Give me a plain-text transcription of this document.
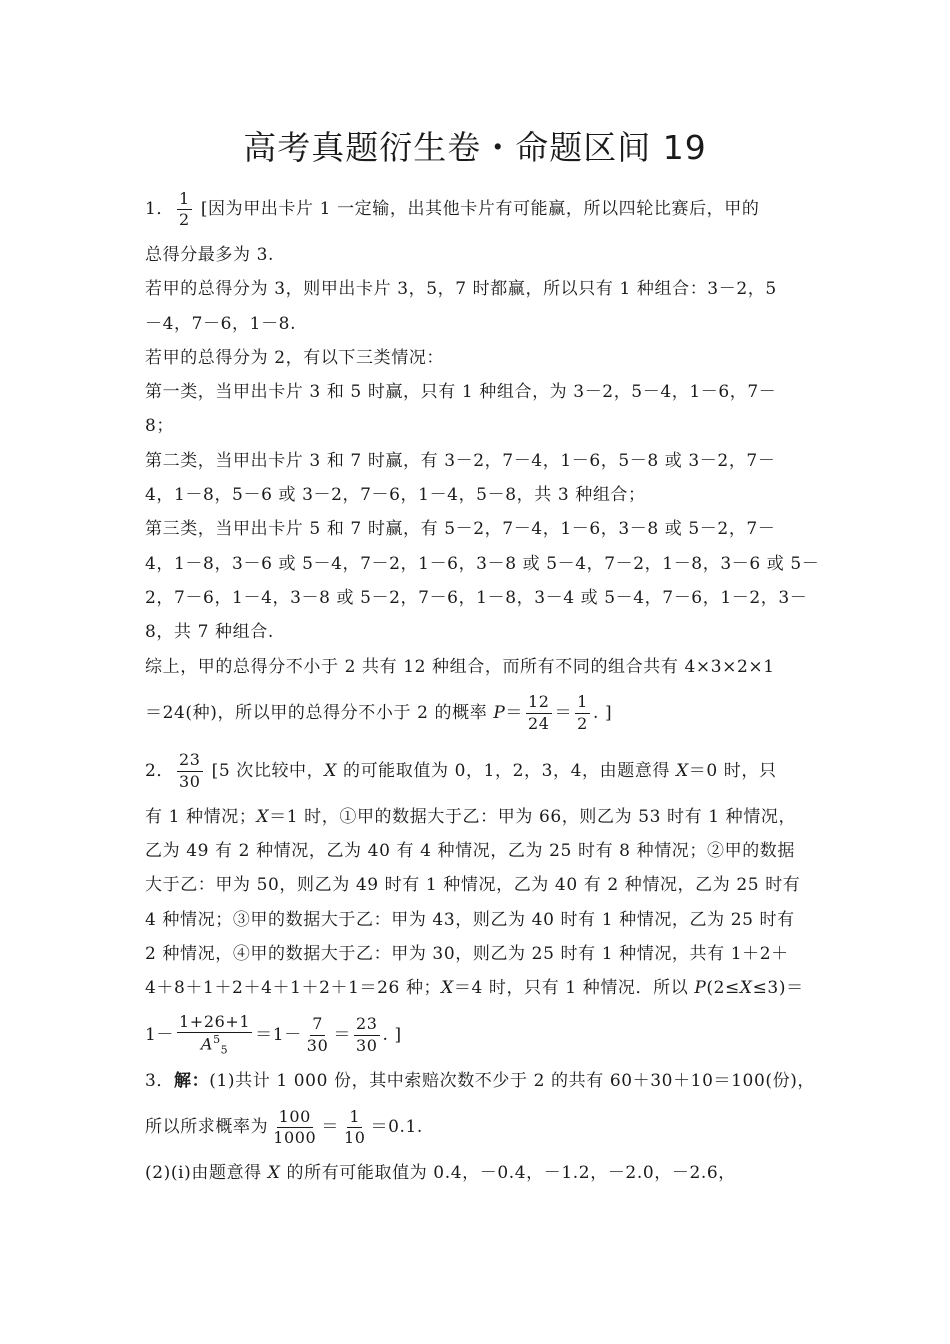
高考真题衍生卷・命题区间 19
1． $\frac{1}{2}$ [因为甲出卡片 1 一定输，出其他卡片有可能赢，所以四轮比赛后，甲的
总得分最多为 3.
若甲的总得分为 3，则甲出卡片 3，5，7 时都赢，所以只有 1 种组合：3－2，5
－4，7－6，1－8.
若甲的总得分为 2，有以下三类情况：
第一类，当甲出卡片 3 和 5 时赢，只有 1 种组合，为 3－2，5－4，1－6，7－
8；
第二类，当甲出卡片 3 和 7 时赢，有 3－2，7－4，1－6，5－8 或 3－2，7－
4，1－8，5－6 或 3－2，7－6，1－4，5－8，共 3 种组合；
第三类，当甲出卡片 5 和 7 时赢，有 5－2，7－4，1－6，3－8 或 5－2，7－
4，1－8，3－6 或 5－4，7－2，1－6，3－8 或 5－4，7－2，1－8，3－6 或 5－
2，7－6，1－4，3－8 或 5－2，7－6，1－8，3－4 或 5－4，7－6，1－2，3－
8，共 7 种组合.
综上，甲的总得分不小于 2 共有 12 种组合，而所有不同的组合共有 4×3×2×1
＝24(种)，所以甲的总得分不小于 2 的概率 $P= \frac{12}{24} = \frac{1}{2}$ . ]
2． $\frac{23}{30} [5$ 次比较中，X 的可能取值为 0，1，2，3，4，由题意得 X＝0 时，只
有 1 种情况；X＝1 时，①甲的数据大于乙：甲为 66，则乙为 53 时有 1 种情况，
乙为 49 有 2 种情况，乙为 40 有 4 种情况，乙为 25 时有 8 种情况；②甲的数据
大于乙：甲为 50，则乙为 49 时有 1 种情况，乙为 40 有 2 种情况，乙为 25 时有
4 种情况；③甲的数据大于乙：甲为 43，则乙为 40 时有 1 种情况，乙为 25 时有
2 种情况，④甲的数据大于乙：甲为 30，则乙为 25 时有 1 种情况，共有 1＋2＋
4＋8＋1＋2＋4＋1＋2＋1＝26 种；X＝4 时，只有 1 种情况．所以 P(2≤X≤3)＝
$1- \frac{1+26+1}{A^5_5} =1- \frac{7}{30} = \frac{23}{30}$ . ]
3．解：(1)共计 1 000 份，其中索赔次数不少于 2 的共有 60＋30＋10＝100(份)，
所以所求概率为 $\frac{100}{1000} = \frac{1}{10} =0.1$.
(2)(ⅰ)由题意得 X 的所有可能取值为 0.4，－0.4，－1.2，－2.0，－2.6，
